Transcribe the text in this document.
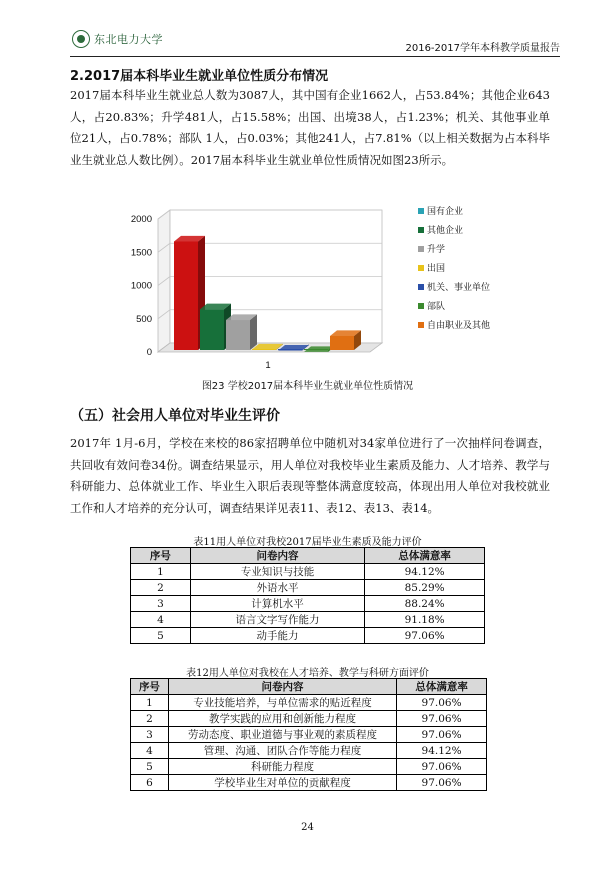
东北电力大学
2016-2017学年本科教学质量报告
2.2017届本科毕业生就业单位性质分布情况

2017届本科毕业生就业总人数为3087人，其中国有企业1662人，占53.84%；其他企业643人，占20.83%；升学481人，占15.58%；出国、出境38人，占1.23%；机关、其他事业单位21人，占0.78%；部队 1人，占0.03%；其他241人，占7.81%（以上相关数据为占本科毕业生就业总人数比例）。2017届本科毕业生就业单位性质情况如图23所示。

0
500
1000
1500
2000
1
国有企业
其他企业
升学
出国
机关、事业单位
部队
自由职业及其他
图23 学校2017届本科毕业生就业单位性质情况
（五）社会用人单位对毕业生评价

2017年 1月-6月，学校在来校的86家招聘单位中随机对34家单位进行了一次抽样问卷调查，共回收有效问卷34份。调查结果显示，用人单位对我校毕业生素质及能力、人才培养、教学与科研能力、总体就业工作、毕业生入职后表现等整体满意度较高，体现出用人单位对我校就业工作和人才培养的充分认可，调查结果详见表11、表12、表13、表14。

表11用人单位对我校2017届毕业生素质及能力评价
序号	问卷内容	总体满意率
1	专业知识与技能	94.12%
2	外语水平	85.29%
3	计算机水平	88.24%
4	语言文字写作能力	91.18%
5	动手能力	97.06%
表12用人单位对我校在人才培养、教学与科研方面评价
序号	问卷内容	总体满意率
1	专业技能培养，与单位需求的贴近程度	97.06%
2	教学实践的应用和创新能力程度	97.06%
3	劳动态度、职业道德与事业观的素质程度	97.06%
4	管理、沟通、团队合作等能力程度	94.12%
5	科研能力程度	97.06%
6	学校毕业生对单位的贡献程度	97.06%
24
